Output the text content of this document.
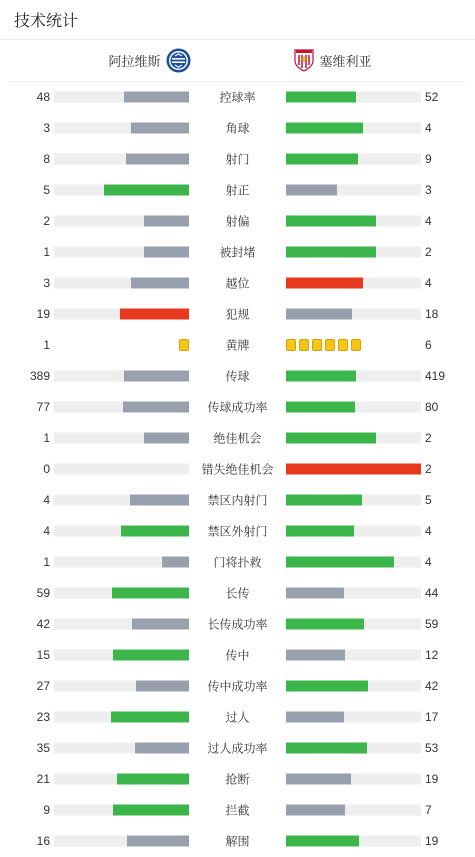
技术统计
阿拉维斯	塞维利亚
48	控球率	52
3	角球	4
8	射门	9
5	射正	3
2	射偏	4
1	被封堵	2
3	越位	4
19	犯规	18
1	黄牌	6
389	传球	419
77	传球成功率	80
1	绝佳机会	2
0	错失绝佳机会	2
4	禁区内射门	5
4	禁区外射门	4
1	门将扑救	4
59	长传	44
42	长传成功率	59
15	传中	12
27	传中成功率	42
23	过人	17
35	过人成功率	53
21	抢断	19
9	拦截	7
16	解围	19
